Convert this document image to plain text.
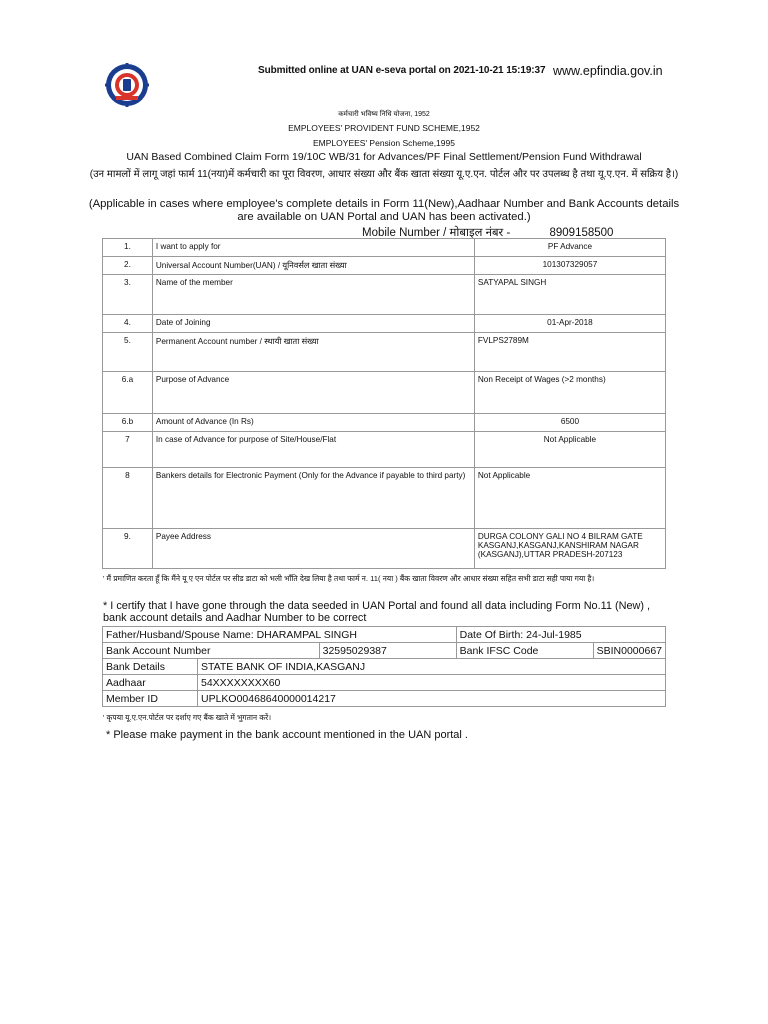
Submitted online at UAN e-seva portal on 2021-10-21 15:19:37 www.epfindia.gov.in
कर्मचारी भविष्य निधि योजना, 1952
EMPLOYEES' PROVIDENT FUND SCHEME,1952
EMPLOYEES' Pension Scheme,1995
UAN Based Combined Claim Form 19/10C WB/31 for Advances/PF Final Settlement/Pension Fund Withdrawal
(उन मामलों में लागू जहां फार्म 11(नया)में कर्मचारी का पूरा विवरण, आधार संख्या और बैंक खाता संख्या यू.ए.एन. पोर्टल और पर उपलब्ध है तथा यू.ए.एन. में सक्रिय है।)
(Applicable in cases where employee's complete details in Form 11(New),Aadhaar Number and Bank Accounts details are available on UAN Portal and UAN has been activated.)
Mobile Number / मोबाइल नंबर -	8909158500
1.	I want to apply for	PF Advance
2.	Universal Account Number(UAN) / यूनिवर्सल खाता संख्या	101307329057
3.	Name of the member	SATYAPAL SINGH
4.	Date of Joining	01-Apr-2018
5.	Permanent Account number / स्थायी खाता संख्या	FVLPS2789M
6.a	Purpose of Advance	Non Receipt of Wages (>2 months)
6.b	Amount of Advance (In Rs)	6500
7	In case of Advance for purpose of Site/House/Flat	Not Applicable
8	Bankers details for Electronic Payment (Only for the Advance if payable to third party)	Not Applicable
9.	Payee Address	DURGA COLONY GALI NO 4 BILRAM GATE KASGANJ,KASGANJ,KANSHIRAM NAGAR (KASGANJ),UTTAR PRADESH-207123
' मैं प्रमाणित करता हूँ कि मैंने यू ए एन पोर्टल पर सीड डाटा को भली भाँति देख लिया है तथा फार्म न. 11( नया ) बैंक खाता विवरण और आधार संख्या सहित सभी डाटा सही पाया गया है।
* I certify that I have gone through the data seeded in UAN Portal and found all data including Form No.11 (New) , bank account details and Aadhar Number to be correct
Father/Husband/Spouse Name: DHARAMPAL SINGH			Date Of Birth: 24-Jul-1985	
Bank Account Number		32595029387	Bank IFSC Code	SBIN0000667
Bank Details	STATE BANK OF INDIA,KASGANJ			
Aadhaar	54XXXXXXXX60			
Member ID	UPLKO00468640000014217			
' कृपया यू.ए.एन.पोर्टल पर दर्शाए गए बैंक खाते में भुगतान करें।
* Please make payment in the bank account mentioned in the UAN portal .
